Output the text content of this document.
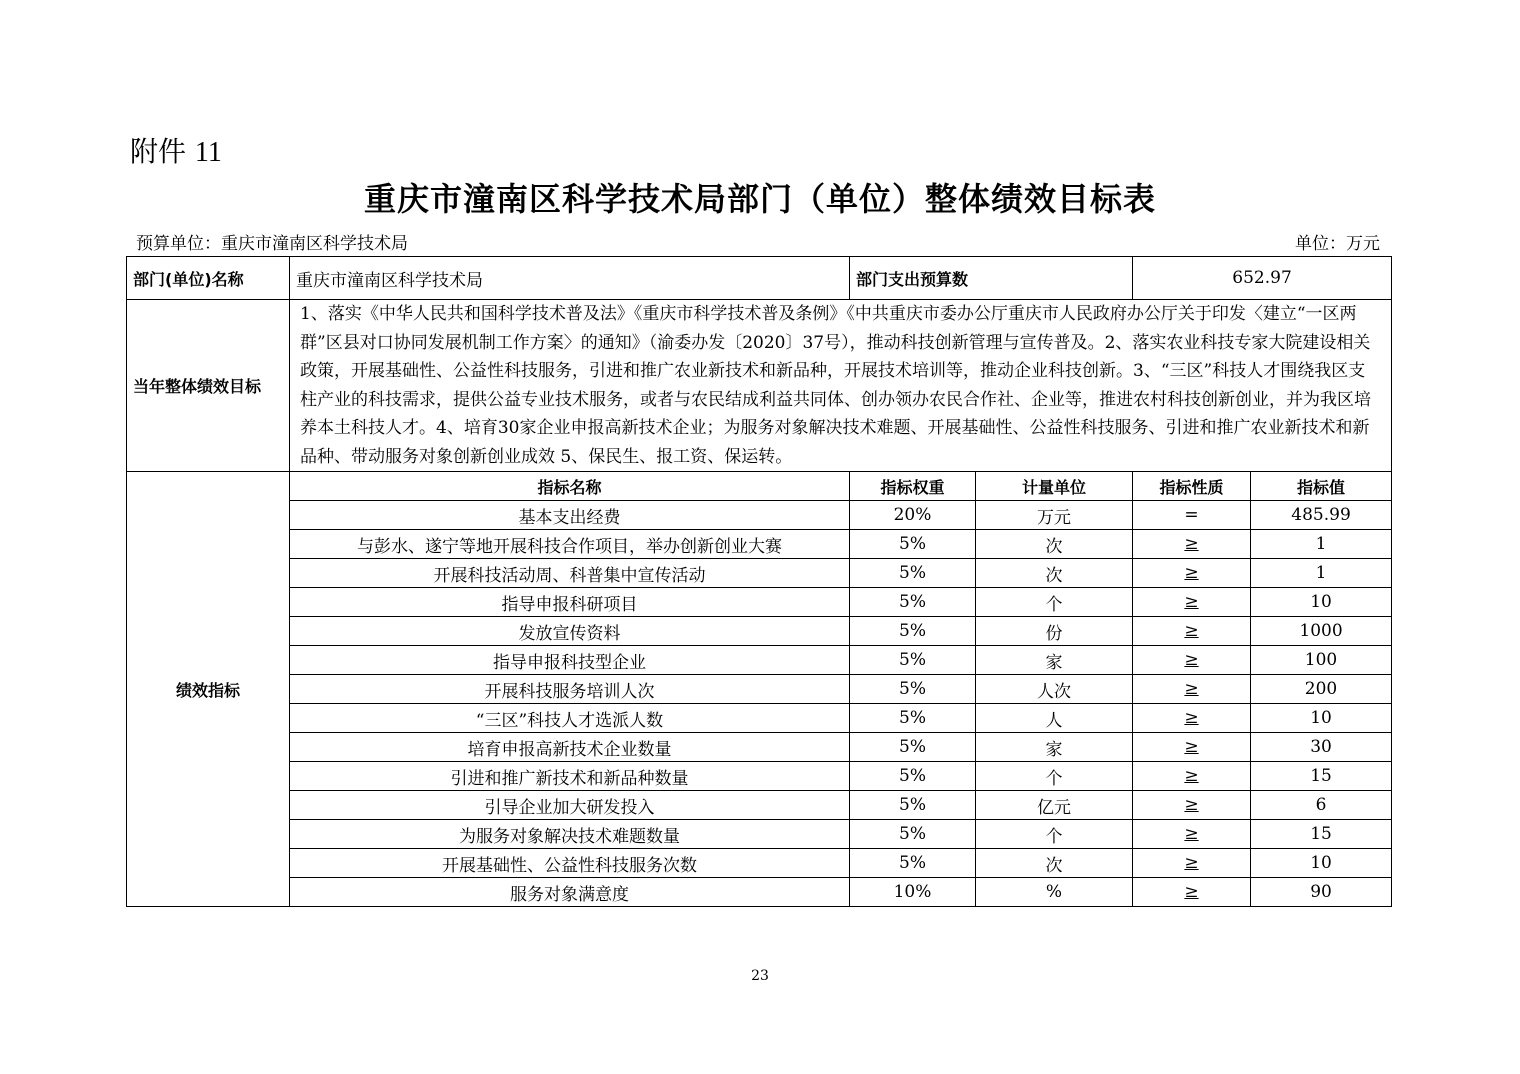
附件 11
重庆市潼南区科学技术局部门（单位）整体绩效目标表
预算单位：重庆市潼南区科学技术局	单位：万元
部门(单位)名称	重庆市潼南区科学技术局	部门支出预算数		652.97	
当年整体绩效目标	1、落实《中华人民共和国科学技术普及法》《重庆市科学技术普及条例》《中共重庆市委办公厅重庆市人民政府办公厅关于印发〈建立“一区两群”区县对口协同发展机制工作方案〉的通知》（渝委办发〔2020〕37号），推动科技创新管理与宣传普及。2、落实农业科技专家大院建设相关政策，开展基础性、公益性科技服务，引进和推广农业新技术和新品种，开展技术培训等，推动企业科技创新。3、“三区”科技人才围绕我区支柱产业的科技需求，提供公益专业技术服务，或者与农民结成利益共同体、创办领办农民合作社、企业等，推进农村科技创新创业，并为我区培养本土科技人才。4、培育30家企业申报高新技术企业；为服务对象解决技术难题、开展基础性、公益性科技服务、引进和推广农业新技术和新品种、带动服务对象创新创业成效 5、保民生、报工资、保运转。				
绩效指标	指标名称	指标权重	计量单位	指标性质	指标值
	基本支出经费	20%	万元	=	485.99
	与彭水、遂宁等地开展科技合作项目，举办创新创业大赛	5%	次	≥	1
	开展科技活动周、科普集中宣传活动	5%	次	≥	1
	指导申报科研项目	5%	个	≥	10
	发放宣传资料	5%	份	≥	1000
	指导申报科技型企业	5%	家	≥	100
	开展科技服务培训人次	5%	人次	≥	200
	“三区”科技人才选派人数	5%	人	≥	10
	培育申报高新技术企业数量	5%	家	≥	30
	引进和推广新技术和新品种数量	5%	个	≥	15
	引导企业加大研发投入	5%	亿元	≥	6
	为服务对象解决技术难题数量	5%	个	≥	15
	开展基础性、公益性科技服务次数	5%	次	≥	10
	服务对象满意度	10%	%	≥	90
23
